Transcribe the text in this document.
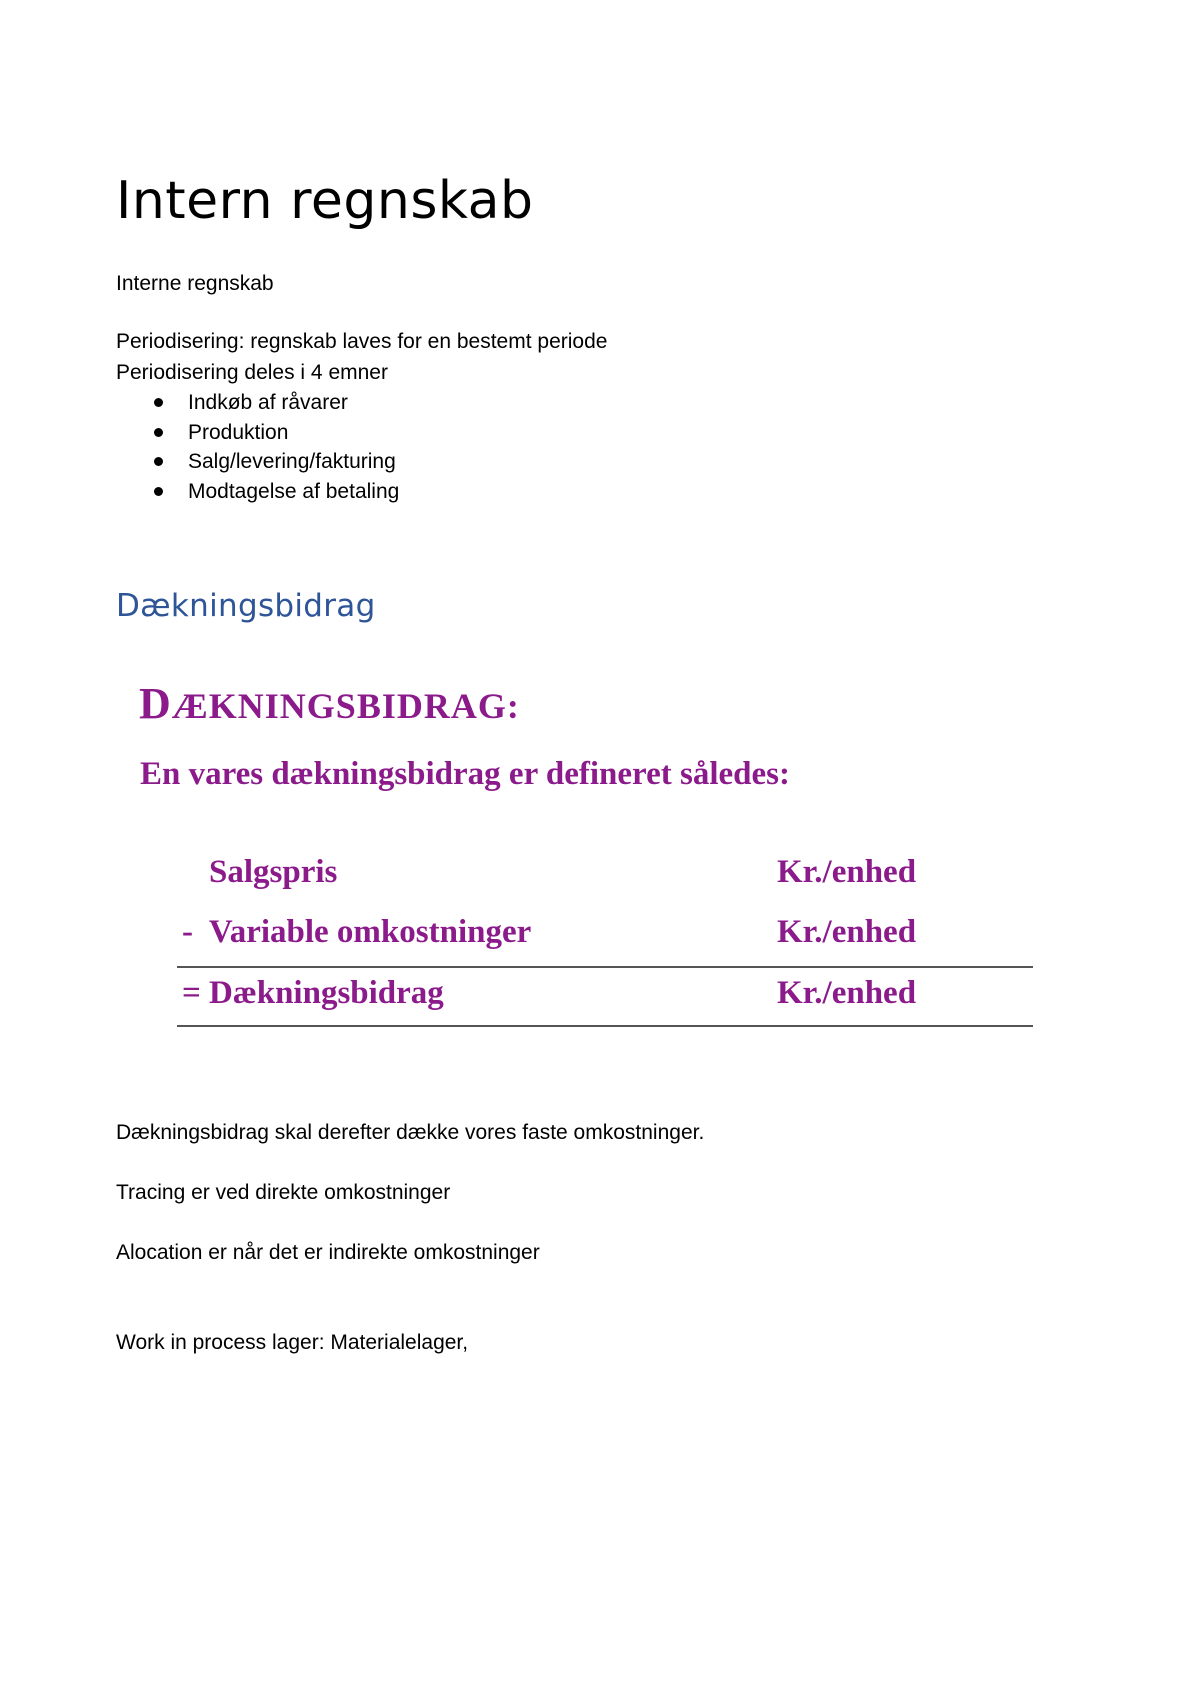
Intern regnskab

Interne regnskab

Periodisering: regnskab laves for en bestemt periode

Periodisering deles i 4 emner

Indkøb af råvarer
Produktion
Salg/levering/fakturing
Modtagelse af betaling
Dækningsbidrag

DÆKNINGSBIDRAG:

En vares dækningsbidrag er defineret således:

Salgspris	Kr./enhed

-  Variable omkostninger	Kr./enhed

= Dækningsbidrag	Kr./enhed

Dækningsbidrag skal derefter dække vores faste omkostninger.

Tracing er ved direkte omkostninger

Alocation er når det er indirekte omkostninger

Work in process lager: Materialelager,
